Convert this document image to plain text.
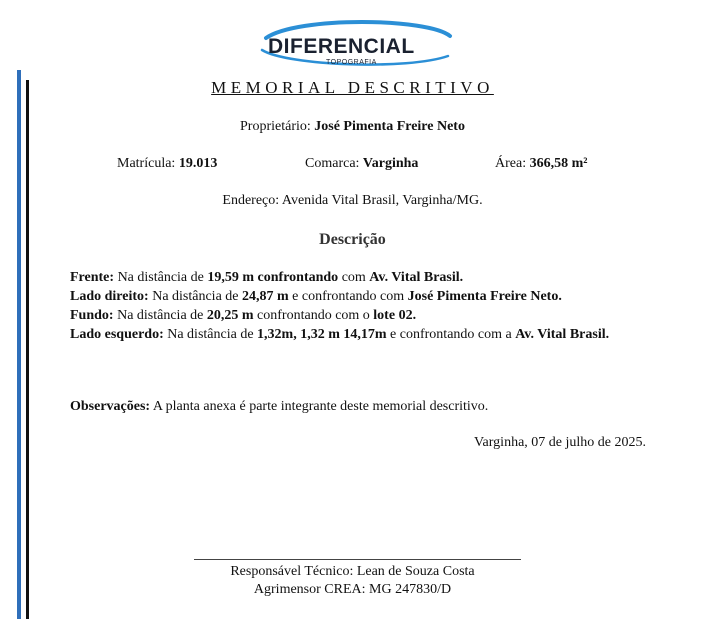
DIFERENCIAL
TOPOGRAFIA
MEMORIAL DESCRITIVO
Proprietário: José Pimenta Freire Neto
Matrícula: 19.013	Comarca: Varginha	Área: 366,58 m²
Endereço: Avenida Vital Brasil, Varginha/MG.
Descrição

Frente: Na distância de 19,59 m confrontando com Av. Vital Brasil.

Lado direito: Na distância de 24,87 m e confrontando com José Pimenta Freire Neto.

Fundo: Na distância de 20,25 m confrontando com o lote 02.

Lado esquerdo: Na distância de 1,32m, 1,32 m 14,17m e confrontando com a Av. Vital Brasil.

Observações: A planta anexa é parte integrante deste memorial descritivo.
Varginha, 07 de julho de 2025.
Responsável Técnico: Lean de Souza Costa
Agrimensor CREA: MG 247830/D
